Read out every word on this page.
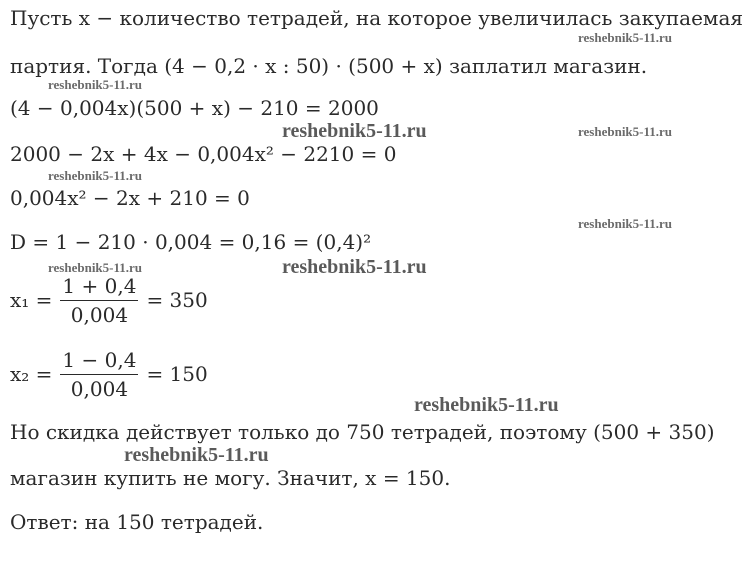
Пусть x − количество тетрадей, на которое увеличилась закупаемая
reshebnik5-11.ru
партия. Тогда (4 − 0,2 · x : 50) · (500 + x) заплатил магазин.
reshebnik5-11.ru
(4 − 0,004x)(500 + x) − 210 = 2000
reshebnik5-11.ru	reshebnik5-11.ru
2000 − 2x + 4x − 0,004x² − 2210 = 0
reshebnik5-11.ru
0,004x² − 2x + 210 = 0
reshebnik5-11.ru
D = 1 − 210 · 0,004 = 0,16 = (0,4)²
reshebnik5-11.ru	reshebnik5-11.ru
$x_1 = \frac{1 + 0,4}{0,004} = 350$
$x_2 = \frac{1 - 0,4}{0,004} = 150$
reshebnik5-11.ru
Но скидка действует только до 750 тетрадей, поэтому (500 + 350)
reshebnik5-11.ru
магазин купить не могу. Значит, x = 150.
Ответ: на 150 тетрадей.
